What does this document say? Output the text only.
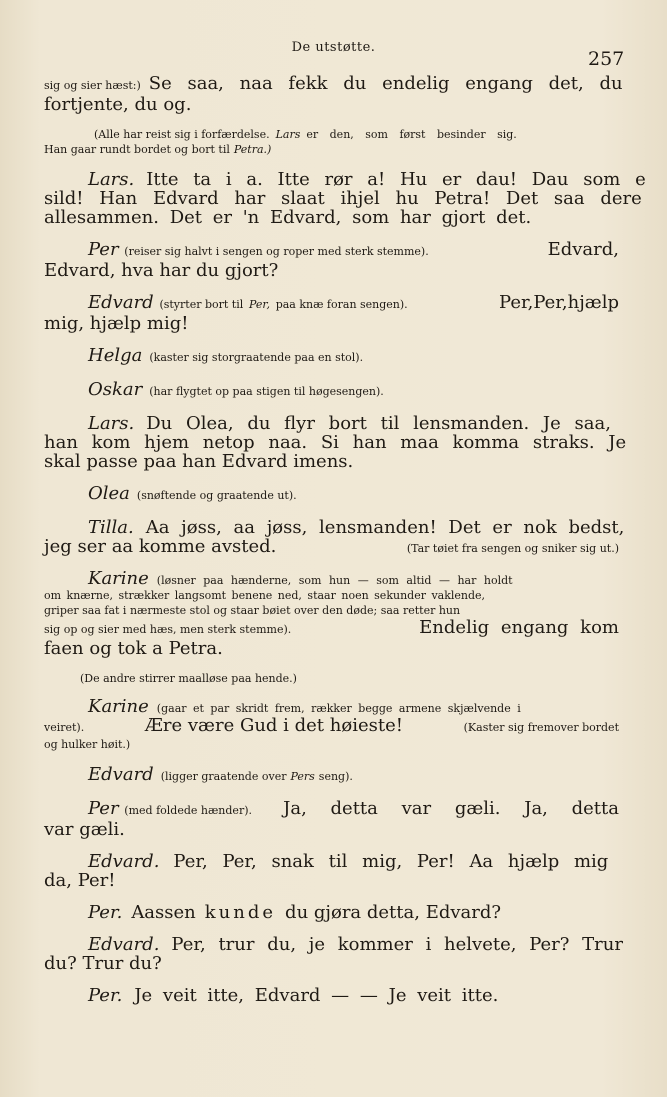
De utstøtte.
257
sig og sier hæst:) Se saa, naa fekk du endelig engang det, du
fortjente, du og.
(Alle har reist sig i forfærdelse. Lars er den, som først besinder sig.
Han gaar rundt bordet og bort til Petra.)
Lars. Itte ta i a. Itte rør a! Hu er dau! Dau som e
sild! Han Edvard har slaat ihjel hu Petra! Det saa dere
allesammen. Det er 'n Edvard, som har gjort det.
Per (reiser sig halvt i sengen og roper med sterk stemme).	Edvard,
Edvard, hva har du gjort?
Edvard (styrter bort til Per, paa knæ foran sengen).	Per,Per,hjælp
mig, hjælp mig!
Helga (kaster sig storgraatende paa en stol).
Oskar (har flygtet op paa stigen til høgesengen).
Lars. Du Olea, du flyr bort til lensmanden. Je saa,
han kom hjem netop naa. Si han maa komma straks. Je
skal passe paa han Edvard imens.
Olea (snøftende og graatende ut).
Tilla. Aa jøss, aa jøss, lensmanden! Det er nok bedst,
jeg ser aa komme avsted.	(Tar tøiet fra sengen og sniker sig ut.)
Karine (løsner paa hænderne, som hun — som altid — har holdt
om knærne, strækker langsomt benene ned, staar noen sekunder vaklende,
griper saa fat i nærmeste stol og staar bøiet over den døde; saa retter hun
sig op og sier med hæs, men sterk stemme).	Endelig engang kom
faen og tok a Petra.
(De andre stirrer maalløse paa hende.)
Karine (gaar et par skridt frem, rækker begge armene skjælvende i
veiret).	Ære være Gud i det høieste!	(Kaster sig fremover bordet
og hulker høit.)
Edvard (ligger graatende over Pers seng).
Per (med foldede hænder). Ja, detta var gæli. Ja, detta
var gæli.
Edvard. Per, Per, snak til mig, Per! Aa hjælp mig
da, Per!
Per. Aassen kunde du gjøra detta, Edvard?
Edvard. Per, trur du, je kommer i helvete, Per? Trur
du? Trur du?
Per. Je veit itte, Edvard — — Je veit itte.
